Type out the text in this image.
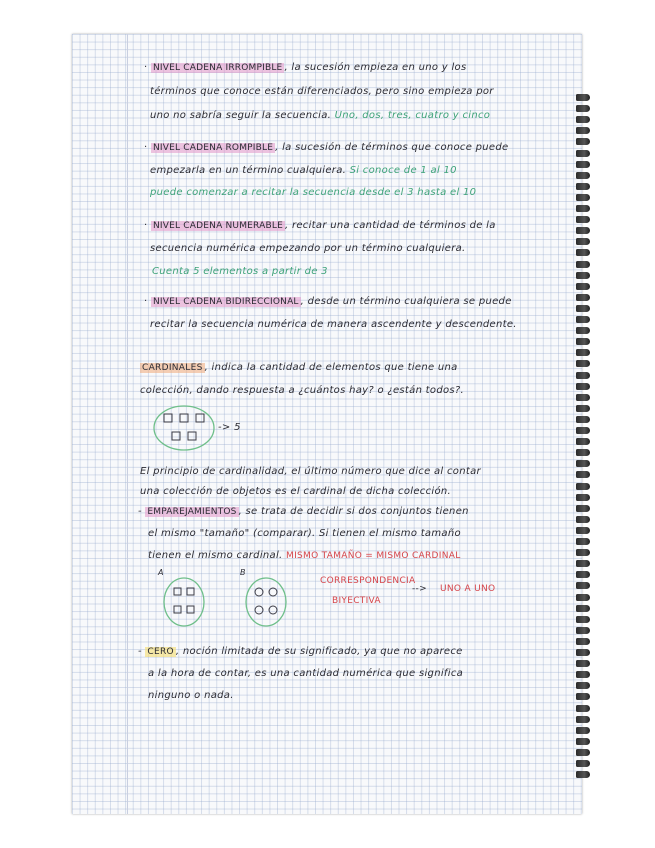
· NIVEL CADENA IRROMPIBLE , la sucesión empieza en uno y los
términos que conoce están diferenciados, pero sino empieza por
uno no sabría seguir la secuencia. Uno, dos, tres, cuatro y cinco
· NIVEL CADENA ROMPIBLE , la sucesión de términos que conoce puede
empezarla en un término cualquiera. Si conoce de 1 al 10
puede comenzar a recitar la secuencia desde el 3 hasta el 10
· NIVEL CADENA NUMERABLE , recitar una cantidad de términos de la
secuencia numérica empezando por un término cualquiera.
Cuenta 5 elementos a partir de 3
· NIVEL CADENA BIDIRECCIONAL , desde un término cualquiera se puede
recitar la secuencia numérica de manera ascendente y descendente.
CARDINALES , indica la cantidad de elementos que tiene una
colección, dando respuesta a ¿cuántos hay? o ¿están todos?.
-> 5
El principio de cardinalidad, el último número que dice al contar
una colección de objetos es el cardinal de dicha colección.
- EMPAREJAMIENTOS , se trata de decidir si dos conjuntos tienen
el mismo "tamaño" (comparar). Si tienen el mismo tamaño
tienen el mismo cardinal. MISMO TAMAÑO = MISMO CARDINAL
A	B
CORRESPONDENCIA
BIYECTIVA
--> UNO A UNO
- CERO , noción limitada de su significado, ya que no aparece
a la hora de contar, es una cantidad numérica que significa
ninguno o nada.
